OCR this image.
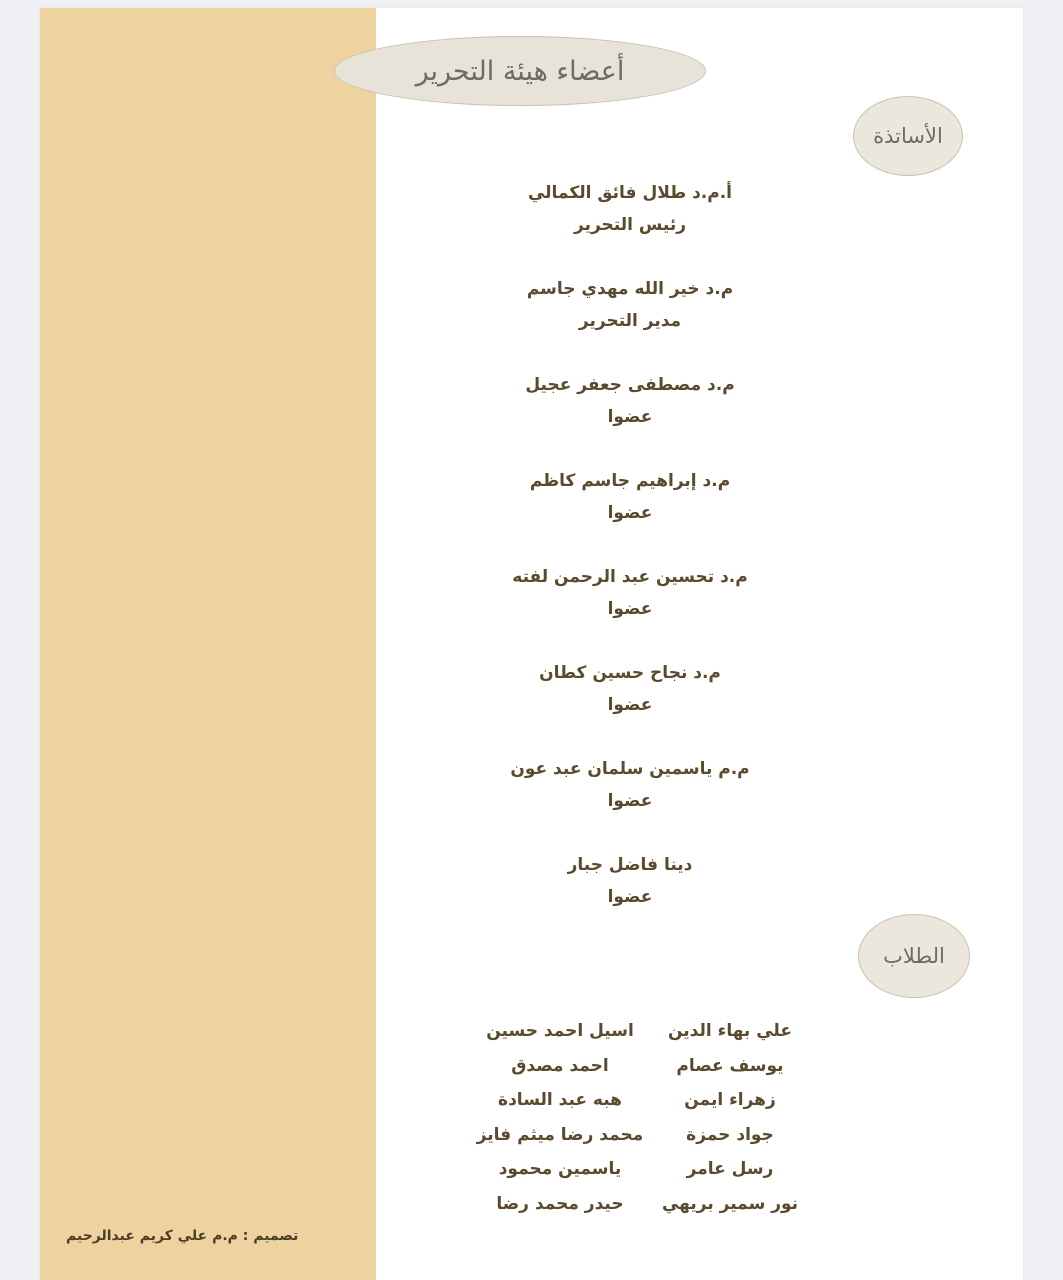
أعضاء هيئة التحرير
الأساتذة
أ.م.د طلال فائق الكمالي
رئيس التحرير
م.د خير الله مهدي جاسم
مدير التحرير
م.د مصطفى جعفر عجيل
عضوا
م.د إبراهيم جاسم كاظم
عضوا
م.د تحسين عبد الرحمن لفته
عضوا
م.د نجاح حسين كطان
عضوا
م.م ياسمين سلمان عبد عون
عضوا
دينا فاضل جبار
عضوا
الطلاب
علي بهاء الدين
يوسف عصام
زهراء ايمن
جواد حمزة
رسل عامر
نور سمير بريهي
اسيل احمد حسين
احمد مصدق
هبه عبد السادة
محمد رضا ميثم فايز
ياسمين محمود
حيدر محمد رضا
تصميم : م.م علي كريم عبدالرحيم
